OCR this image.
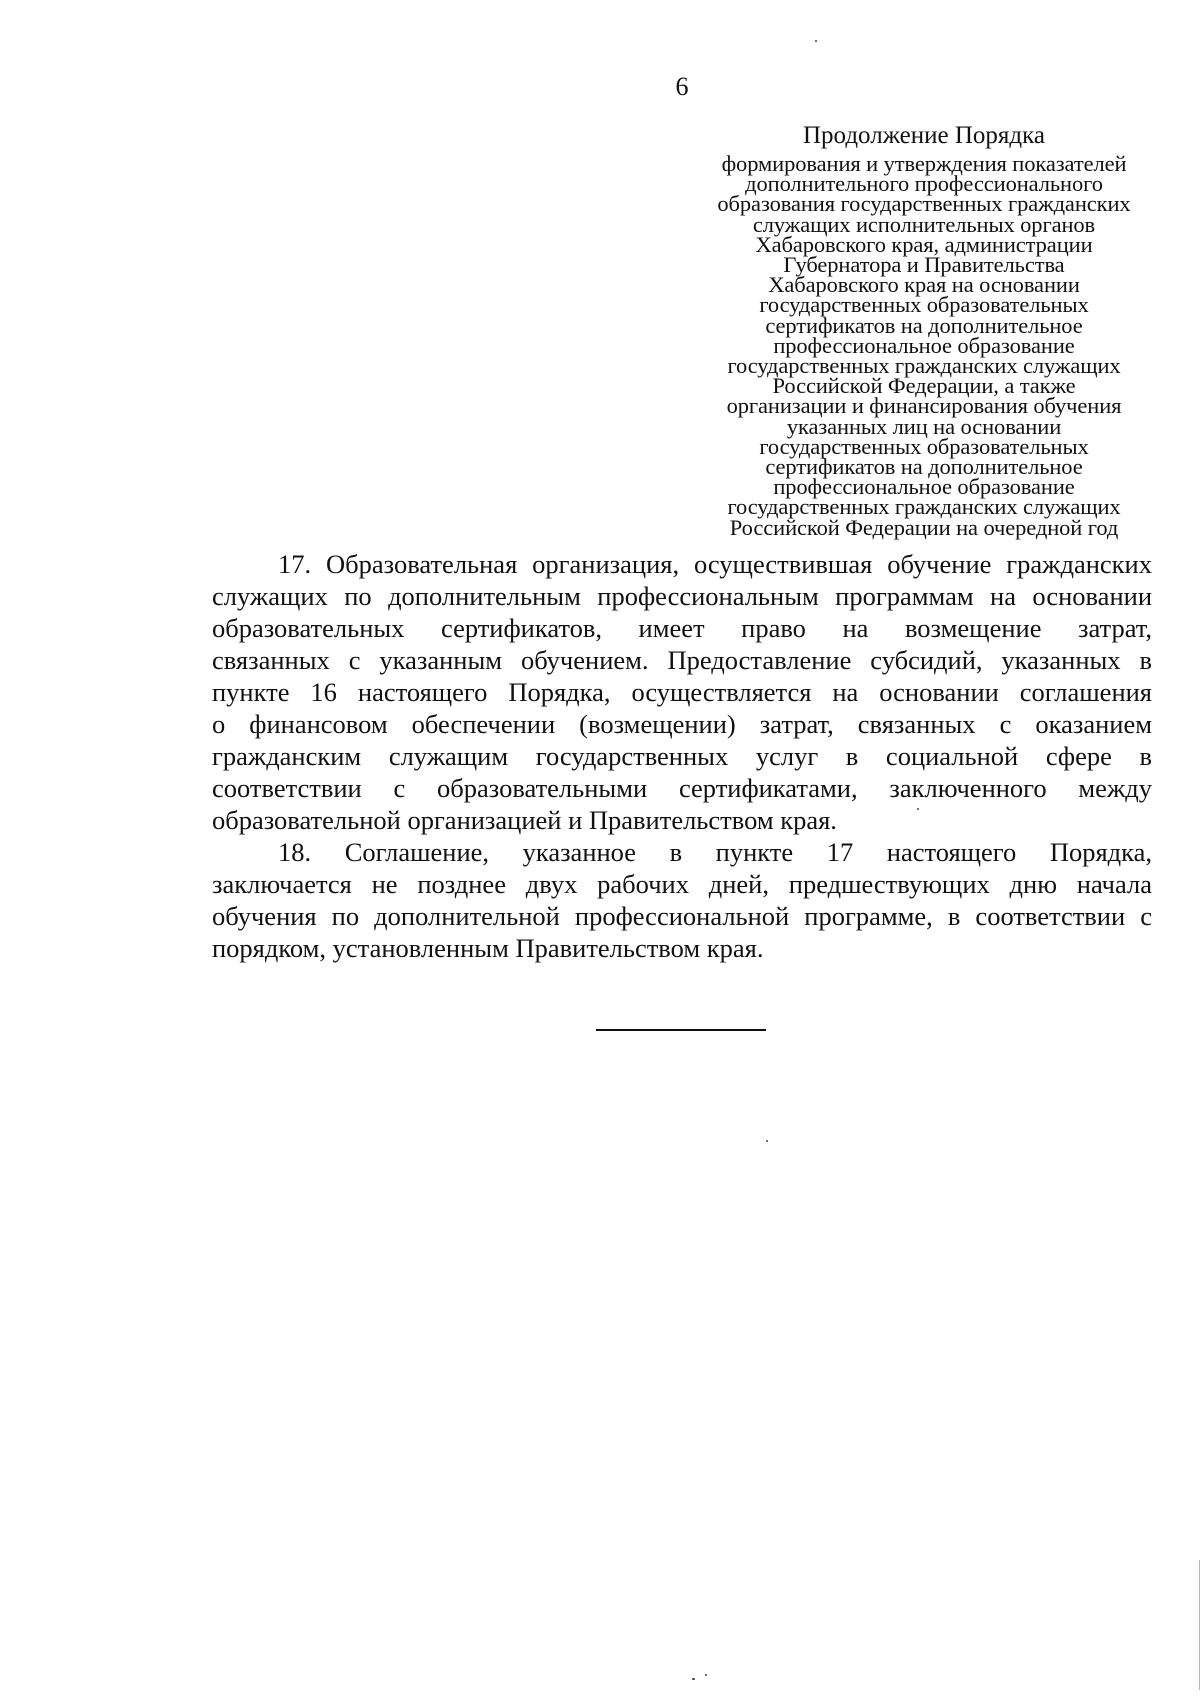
6
Продолжение Порядка
формирования и утверждения показателей
дополнительного профессионального
образования государственных гражданских
служащих исполнительных органов
Хабаровского края, администрации
Губернатора и Правительства
Хабаровского края на основании
государственных образовательных
сертификатов на дополнительное
профессиональное образование
государственных гражданских служащих
Российской Федерации, а также
организации и финансирования обучения
указанных лиц на основании
государственных образовательных
сертификатов на дополнительное
профессиональное образование
государственных гражданских служащих
Российской Федерации на очередной год
17. Образовательная организация, осуществившая обучение гражданских
служащих по дополнительным профессиональным программам на основании
образовательных сертификатов, имеет право на возмещение затрат,
связанных с указанным обучением. Предоставление субсидий, указанных в
пункте 16 настоящего Порядка, осуществляется на основании соглашения
о финансовом обеспечении (возмещении) затрат, связанных с оказанием
гражданским служащим государственных услуг в социальной сфере в
соответствии с образовательными сертификатами, заключенного между
образовательной организацией и Правительством края.
18. Соглашение, указанное в пункте 17 настоящего Порядка,
заключается не позднее двух рабочих дней, предшествующих дню начала
обучения по дополнительной профессиональной программе, в соответствии с
порядком, установленным Правительством края.
